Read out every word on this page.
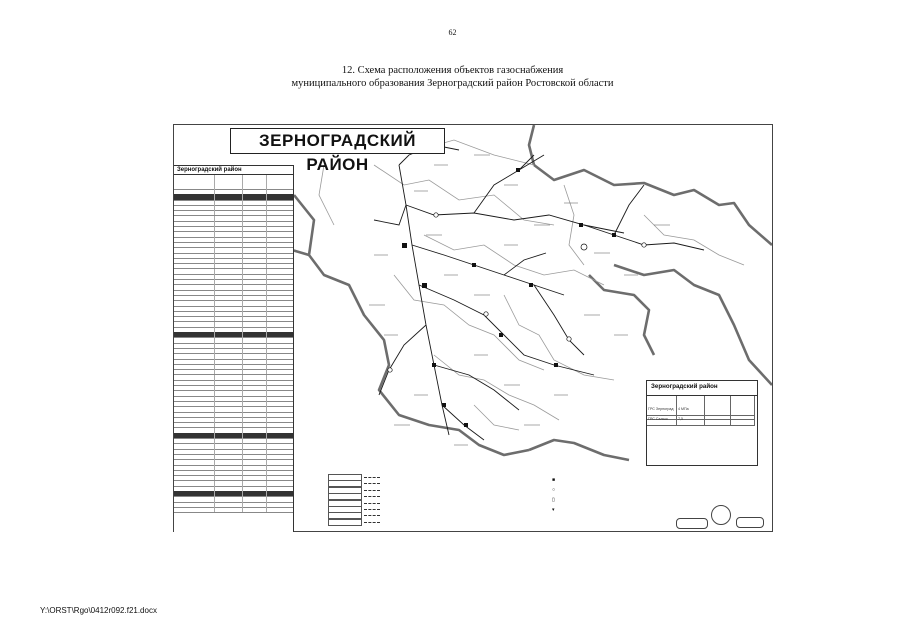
62
12. Схема расположения объектов газоснабжения
муниципального образования Зерноградский район Ростовской области
ЗЕРНОГРАДСКИЙ РАЙОН
Зерноградский район
Зерноградский район
ГРС Зерноград	4 МПа
ГРС Сальск	7,5
■
○
▯
▾
Y:\ORST\Rgo\0412r092.f21.docx
